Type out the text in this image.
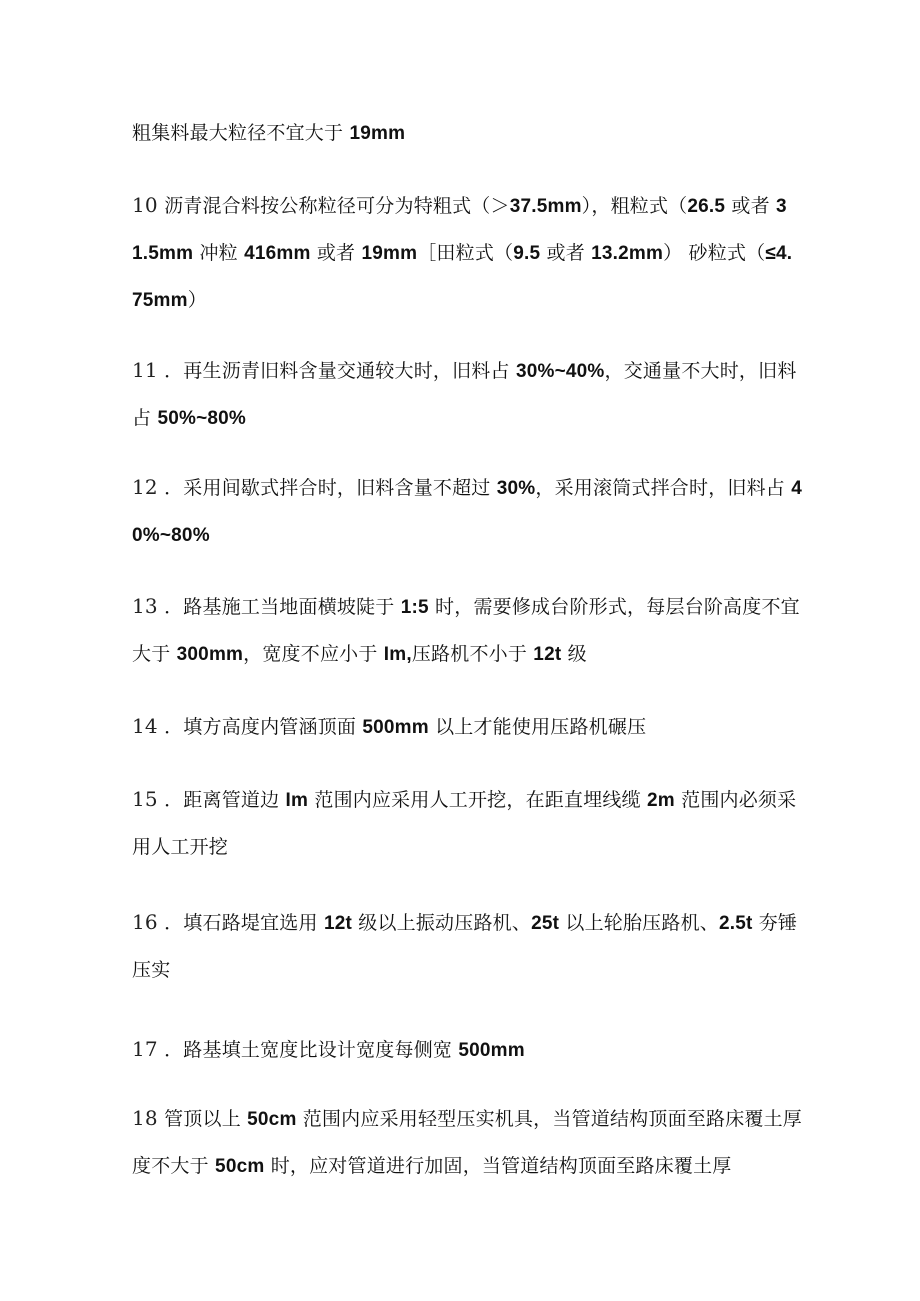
粗集料最大粒径不宜大于 19mm
10 沥青混合料按公称粒径可分为特粗式（＞37.5mm），粗粒式（26.5 或者 31.5mm 冲粒 416mm 或者 19mm［田粒式（9.5 或者 13.2mm） 砂粒式（≤4.75mm）
11 ．再生沥青旧料含量交通较大时，旧料占 30%~40%，交通量不大时，旧料占 50%~80%
12 ．采用间歇式拌合时，旧料含量不超过 30%，采用滚筒式拌合时，旧料占 40%~80%
13 ．路基施工当地面横坡陡于 1:5 时，需要修成台阶形式，每层台阶高度不宜大于 300mm，宽度不应小于 Im,压路机不小于 12t 级
14 ．填方高度内管涵顶面 500mm 以上才能使用压路机碾压
15 ．距离管道边 Im 范围内应采用人工开挖，在距直埋线缆 2m 范围内必须采用人工开挖
16 ．填石路堤宜选用 12t 级以上振动压路机、25t 以上轮胎压路机、2.5t 夯锤压实
17 ．路基填土宽度比设计宽度每侧宽 500mm
18 管顶以上 50cm 范围内应采用轻型压实机具，当管道结构顶面至路床覆土厚度不大于 50cm 时，应对管道进行加固，当管道结构顶面至路床覆土厚
